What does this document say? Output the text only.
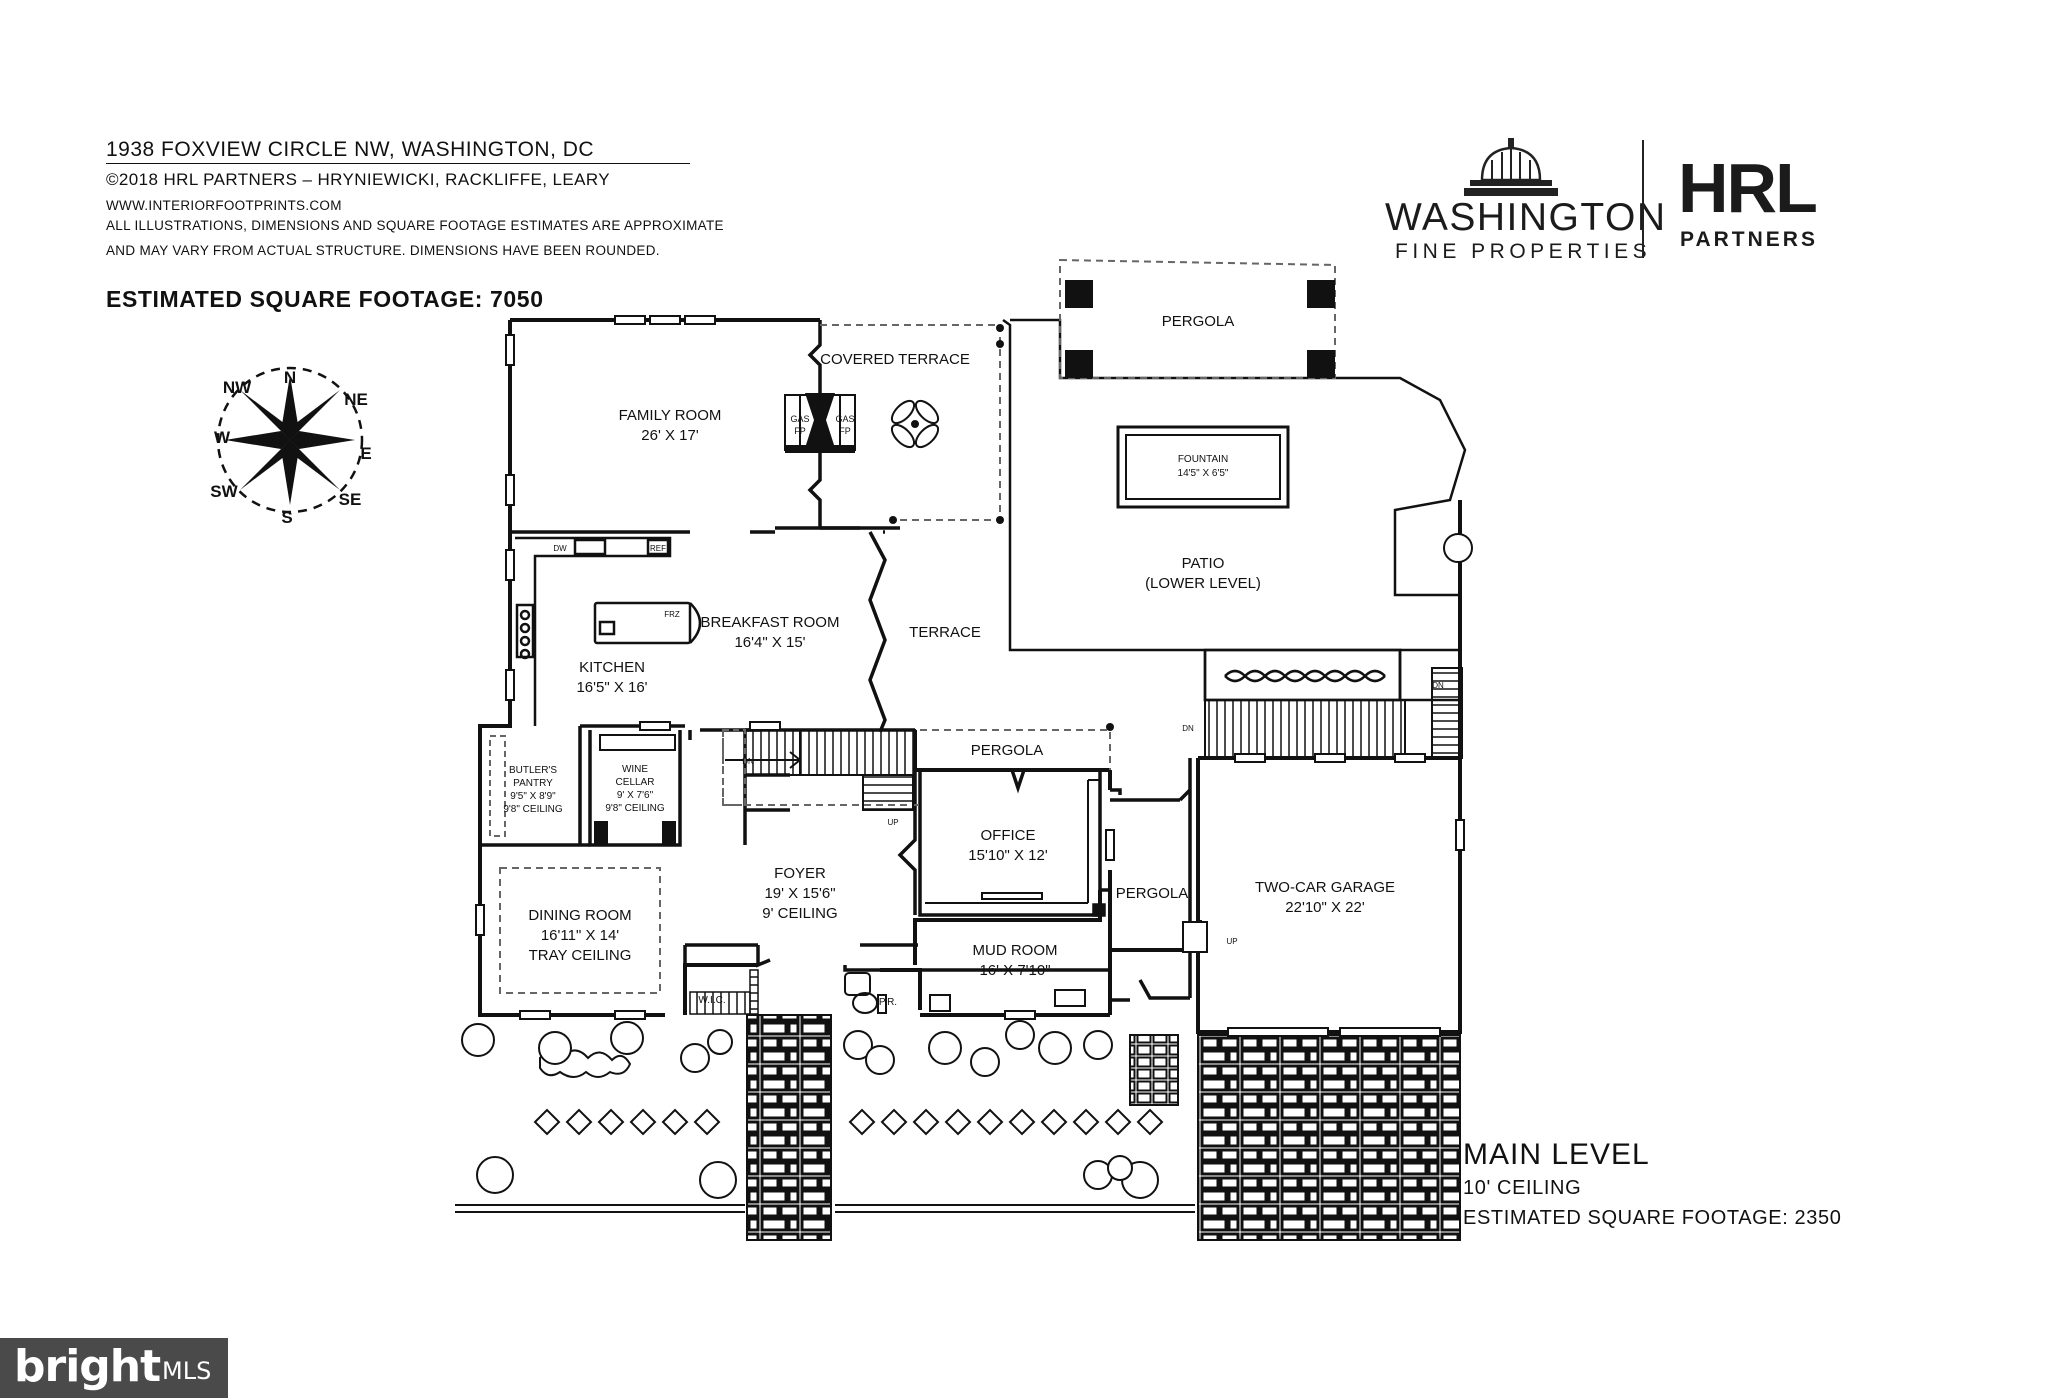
1938 FOXVIEW CIRCLE NW, WASHINGTON, DC
©2018 HRL PARTNERS – HRYNIEWICKI, RACKLIFFE, LEARY
WWW.INTERIORFOOTPRINTS.COM
ALL ILLUSTRATIONS, DIMENSIONS AND SQUARE FOOTAGE ESTIMATES ARE APPROXIMATE
AND MAY VARY FROM ACTUAL STRUCTURE. DIMENSIONS HAVE BEEN ROUNDED.
ESTIMATED SQUARE FOOTAGE: 7050
WASHINGTON
FINE PROPERTIES
HRL
PARTNERS
N
NE
E
SE
S
SW
W
NW
FAMILY ROOM
26' X 17'
COVERED TERRACE
GAS
FP
GAS
FP
PERGOLA
FOUNTAIN
14'5" X 6'5"
PATIO
(LOWER LEVEL)
BREAKFAST ROOM
16'4" X 15'
TERRACE
KITCHEN
16'5" X 16'
BUTLER'S
PANTRY
9'5" X 8'9"
9'8" CEILING
WINE
CELLAR
9' X 7'6"
9'8" CEILING
PERGOLA
OFFICE
15'10" X 12'
PERGOLA	TWO-CAR GARAGE
22'10" X 22'
FOYER
19' X 15'6"
9' CEILING
DINING ROOM
16'11" X 14'
TRAY CEILING	MUD ROOM
16' X 7'10"
W.I.C.	P.R.
DW	REF
FRZ
DN
UP
DN
DN
UP
MAIN LEVEL
10' CEILING
ESTIMATED SQUARE FOOTAGE: 2350
bright MLS
